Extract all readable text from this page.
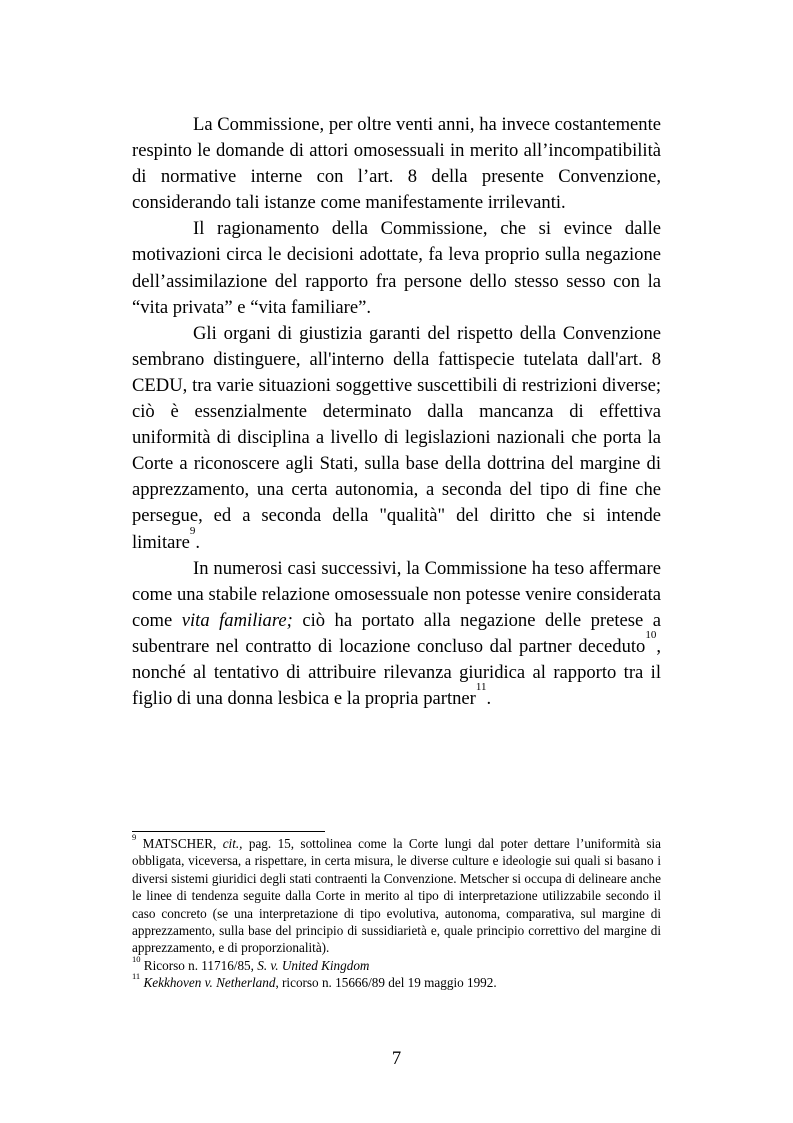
La Commissione, per oltre venti anni, ha invece costantemente respinto le domande di attori omosessuali in merito all’incompatibilità di normative interne con l’art. 8 della presente Convenzione, considerando tali istanze come manifestamente irrilevanti.

Il ragionamento della Commissione, che si evince dalle motivazioni circa le decisioni adottate, fa leva proprio sulla negazione dell’assimilazione del rapporto fra persone dello stesso sesso con la “vita privata” e “vita familiare”.

Gli organi di giustizia garanti del rispetto della Convenzione sembrano distinguere, all'interno della fattispecie tutelata dall'art. 8 CEDU, tra varie situazioni soggettive suscettibili di restrizioni diverse; ciò è essenzialmente determinato dalla mancanza di effettiva uniformità di disciplina a livello di legislazioni nazionali che porta la Corte a riconoscere agli Stati, sulla base della dottrina del margine di apprezzamento, una certa autonomia, a seconda del tipo di fine che persegue, ed a seconda della "qualità" del diritto che si intende limitare$^9$.

In numerosi casi successivi, la Commissione ha teso affermare come una stabile relazione omosessuale non potesse venire considerata come vita familiare; ciò ha portato alla negazione delle pretese a subentrare nel contratto di locazione concluso dal partner deceduto$^{10}$, nonché al tentativo di attribuire rilevanza giuridica al rapporto tra il figlio di una donna lesbica e la propria partner$^{11}$.

$^9$ MATSCHER, cit., pag. 15, sottolinea come la Corte lungi dal poter dettare l’uniformità sia obbligata, viceversa, a rispettare, in certa misura, le diverse culture e ideologie sui quali si basano i diversi sistemi giuridici degli stati contraenti la Convenzione. Metscher si occupa di delineare anche le linee di tendenza seguite dalla Corte in merito al tipo di interpretazione utilizzabile secondo il caso concreto (se una interpretazione di tipo evolutiva, autonoma, comparativa, sul margine di apprezzamento, sulla base del principio di sussidiarietà e, quale principio correttivo del margine di apprezzamento, e di proporzionalità).

$^{10}$ Ricorso n. 11716/85, S. v. United Kingdom

$^{11}$ Kekkhoven v. Netherland, ricorso n. 15666/89 del 19 maggio 1992.

7
